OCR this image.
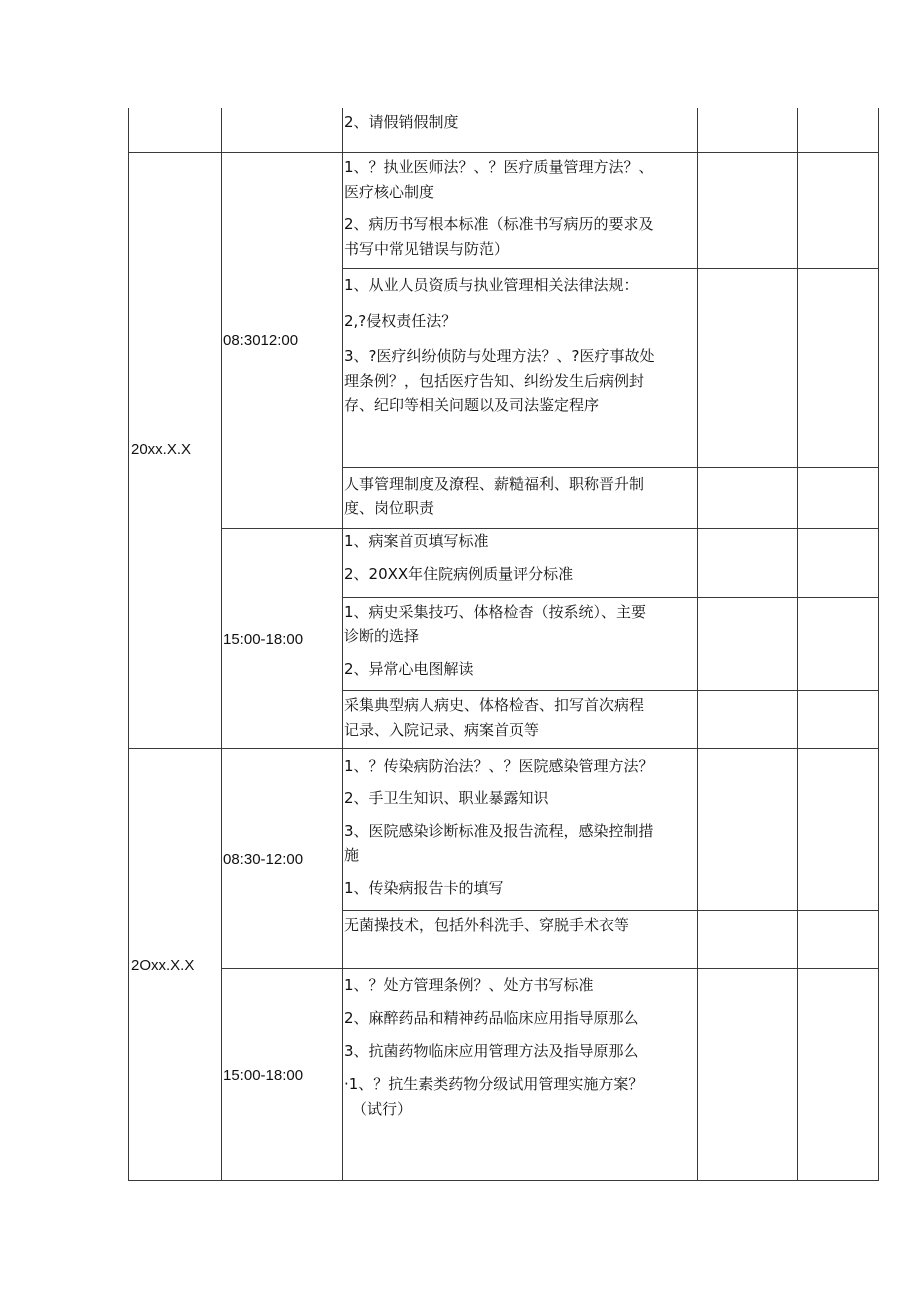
2、请假销假制度
20xx.X.X
08:3012:00
1、？执业医师法？、？医疗质量管理方法？、
医疗核心制度
2、病历书写根本标准（标准书写病历的要求及
书写中常见错误与防范）
1、从业人员资质与执业管理相关法律法规：
2,?侵权责任法？
3、?医疗纠纷侦防与处理方法？、?医疗事故处
理条例？，包括医疗告知、纠纷发生后病例封
存、纪印等相关问题以及司法鉴定程序
人事管理制度及潦程、薪糙福利、职称晋升制
度、岗位职责
15:00-18:00
1、病案首页填写标准
2、20XX年住院病例质量评分标准
1、病史采集技巧、体格检杳（按系统）、主要
诊断的选择
2、异常心电图解读
采集典型病人病史、体格检杳、扣写首次病程
记录、入院记录、病案首页等
2Oxx.X.X
08:30-12:00
1、？传染病防治法？、？医院感染管理方法？
2、手卫生知识、职业暴露知识
3、医院感染诊断标准及报告流程，感染控制措
施
1、传染病报告卡的填写
无菌操技术，包括外科洗手、穿脱手术衣等
15:00-18:00
1、？处方管理条例？、处方书写标准
2、麻醉药品和精神药品临床应用指导原那么
3、抗菌药物临床应用管理方法及指导原那么
·1、？抗生素类药物分级试用管理实施方案？
（试行）
